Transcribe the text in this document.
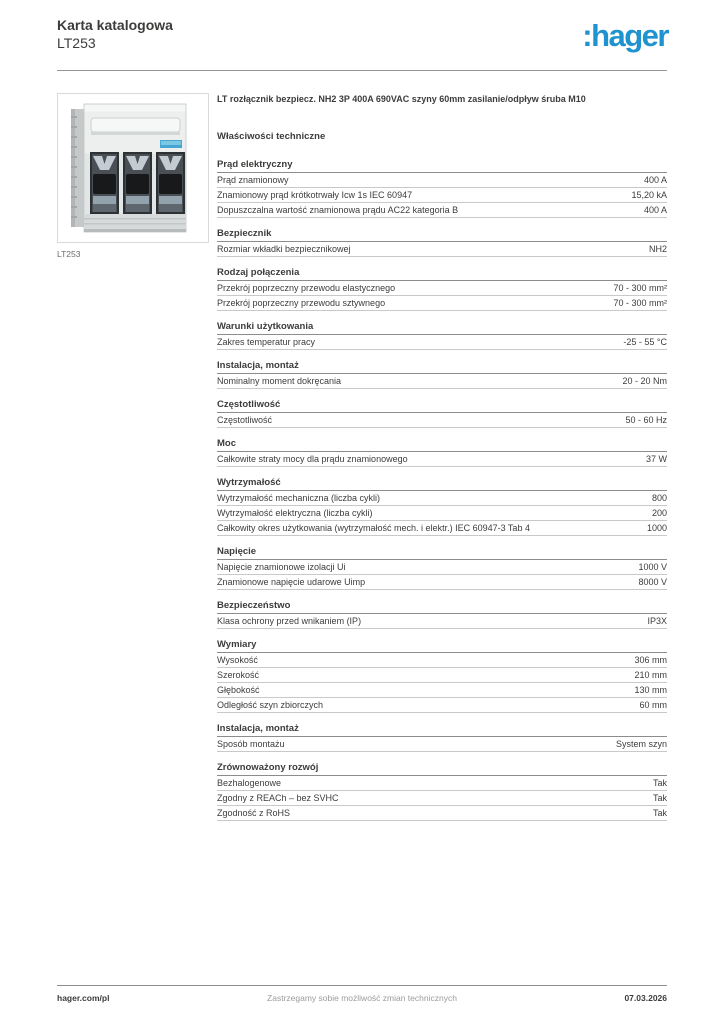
Karta katalogowa
LT253	:hager
LT253
LT rozłącznik bezpiecz. NH2 3P 400A 690VAC szyny 60mm zasilanie/odpływ śruba M10
Właściwości techniczne
Prąd elektryczny
Prąd znamionowy	400 A
Znamionowy prąd krótkotrwały Icw 1s IEC 60947	15,20 kA
Dopuszczalna wartość znamionowa prądu AC22 kategoria B	400 A
Bezpiecznik
Rozmiar wkładki bezpiecznikowej	NH2
Rodzaj połączenia
Przekrój poprzeczny przewodu elastycznego	70 - 300 mm²
Przekrój poprzeczny przewodu sztywnego	70 - 300 mm²
Warunki użytkowania
Zakres temperatur pracy	-25 - 55 °C
Instalacja, montaż
Nominalny moment dokręcania	20 - 20 Nm
Częstotliwość
Częstotliwość	50 - 60 Hz
Moc
Całkowite straty mocy dla prądu znamionowego	37 W
Wytrzymałość
Wytrzymałość mechaniczna (liczba cykli)	800
Wytrzymałość elektryczna (liczba cykli)	200
Całkowity okres użytkowania (wytrzymałość mech. i elektr.) IEC 60947-3 Tab 4	1000
Napięcie
Napięcie znamionowe izolacji Ui	1000 V
Znamionowe napięcie udarowe Uimp	8000 V
Bezpieczeństwo
Klasa ochrony przed wnikaniem (IP)	IP3X
Wymiary
Wysokość	306 mm
Szerokość	210 mm
Głębokość	130 mm
Odległość szyn zbiorczych	60 mm
Instalacja, montaż
Sposób montażu	System szyn
Zrównoważony rozwój
Bezhalogenowe	Tak
Zgodny z REACh – bez SVHC	Tak
Zgodność z RoHS	Tak
hager.com/pl	Zastrzegamy sobie możliwość zmian technicznych	07.03.2026
